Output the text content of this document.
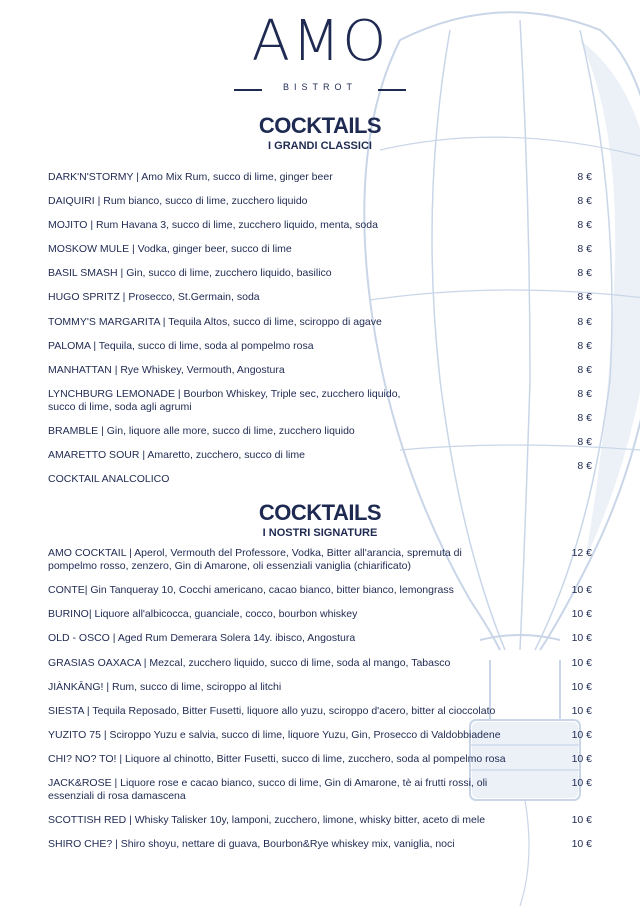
AMO
BISTROT
COCKTAILS
I GRANDI CLASSICI
DARK'N'STORMY | Amo Mix Rum, succo di lime, ginger beer	8 €
DAIQUIRI | Rum bianco, succo di lime, zucchero liquido	8 €
MOJITO | Rum Havana 3, succo di lime, zucchero liquido, menta, soda	8 €
MOSKOW MULE | Vodka, ginger beer, succo di lime	8 €
BASIL SMASH | Gin, succo di lime, zucchero liquido, basilico	8 €
HUGO SPRITZ | Prosecco, St.Germain, soda	8 €
TOMMY'S MARGARITA | Tequila Altos, succo di lime, sciroppo di agave	8 €
PALOMA | Tequila, succo di lime, soda al pompelmo rosa	8 €
MANHATTAN | Rye Whiskey, Vermouth, Angostura	8 €
LYNCHBURG LEMONADE | Bourbon Whiskey, Triple sec, zucchero liquido, succo di lime, soda agli agrumi
8 €
BRAMBLE | Gin, liquore alle more, succo di lime, zucchero liquido
8 €
AMARETTO SOUR | Amaretto, zucchero, succo di lime
8 €
COCKTAIL ANALCOLICO
8 €
COCKTAILS
I NOSTRI SIGNATURE
AMO COCKTAIL | Aperol, Vermouth del Professore, Vodka, Bitter all'arancia, spremuta di pompelmo rosso, zenzero, Gin di Amarone, oli essenziali vaniglia (chiarificato)
12 €
CONTE| Gin Tanqueray 10, Cocchi americano, cacao bianco, bitter bianco, lemongrass	10 €
BURINO| Liquore all'albicocca, guanciale, cocco, bourbon whiskey	10 €
OLD - OSCO | Aged Rum Demerara Solera 14y. ibisco, Angostura	10 €
GRASIAS OAXACA | Mezcal, zucchero liquido, succo di lime, soda al mango, Tabasco	10 €
JIÀNKĀNG! | Rum, succo di lime, sciroppo al litchi	10 €
SIESTA | Tequila Reposado, Bitter Fusetti, liquore allo yuzu, sciroppo d'acero, bitter al cioccolato	10 €
YUZITO 75 | Sciroppo Yuzu e salvia, succo di lime, liquore Yuzu, Gin, Prosecco di Valdobbiadene	10 €
CHI? NO? TO! | Liquore al chinotto, Bitter Fusetti, succo di lime, zucchero, soda al pompelmo rosa	10 €
JACK&ROSE | Liquore rose e cacao bianco, succo di lime, Gin di Amarone, tè ai frutti rossi, oli essenziali di rosa damascena
10 €
SCOTTISH RED | Whisky Talisker 10y, lamponi, zucchero, limone, whisky bitter, aceto di mele	10 €
SHIRO CHE? | Shiro shoyu, nettare di guava, Bourbon&Rye whiskey mix, vaniglia, noci	10 €
